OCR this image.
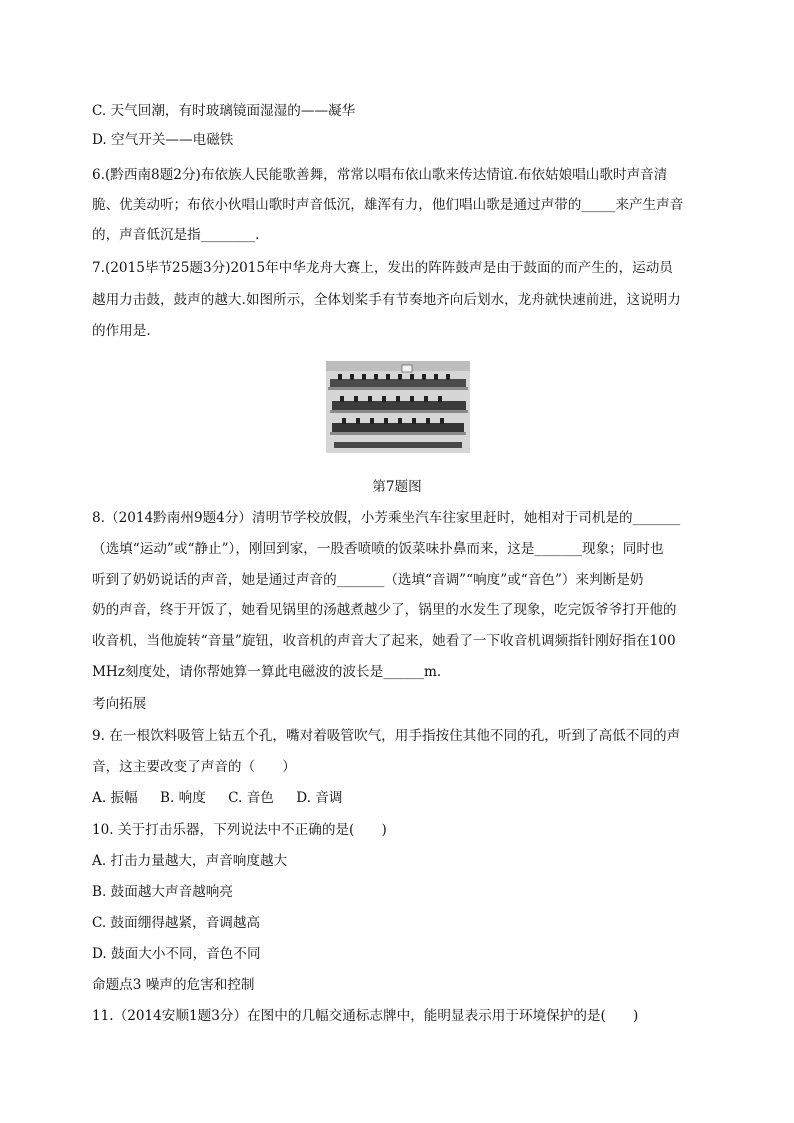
C. 天气回潮，有时玻璃镜面湿湿的——凝华
D. 空气开关——电磁铁
6.(黔西南8题2分)布依族人民能歌善舞，常常以唱布依山歌来传达情谊.布依姑娘唱山歌时声音清
脆、优美动听；布依小伙唱山歌时声音低沉，雄浑有力，他们唱山歌是通过声带的_____来产生声音
的，声音低沉是指________.
7.(2015毕节25题3分)2015年中华龙舟大赛上，发出的阵阵鼓声是由于鼓面的而产生的，运动员
越用力击鼓，鼓声的越大.如图所示，全体划桨手有节奏地齐向后划水，龙舟就快速前进，这说明力
的作用是.
第7题图
8.（2014黔南州9题4分）清明节学校放假，小芳乘坐汽车往家里赶时，她相对于司机是的_______
（选填“运动”或“静止”），刚回到家，一股香喷喷的饭菜味扑鼻而来，这是_______现象；同时也
听到了奶奶说话的声音，她是通过声音的_______（选填“音调”“响度”或“音色”）来判断是奶
奶的声音，终于开饭了，她看见锅里的汤越煮越少了，锅里的水发生了现象，吃完饭爷爷打开他的
收音机，当他旋转“音量”旋钮，收音机的声音大了起来，她看了一下收音机调频指针刚好指在100
MHz刻度处，请你帮她算一算此电磁波的波长是______m.
考向拓展
9. 在一根饮料吸管上钻五个孔，嘴对着吸管吹气，用手指按住其他不同的孔，听到了高低不同的声
音，这主要改变了声音的（　　）
A. 振幅 B. 响度 C. 音色 D. 音调
10. 关于打击乐器，下列说法中不正确的是(　　)
A. 打击力量越大，声音响度越大
B. 鼓面越大声音越响亮
C. 鼓面绷得越紧，音调越高
D. 鼓面大小不同，音色不同
命题点3 噪声的危害和控制
11.（2014安顺1题3分）在图中的几幅交通标志牌中，能明显表示用于环境保护的是(　　)
